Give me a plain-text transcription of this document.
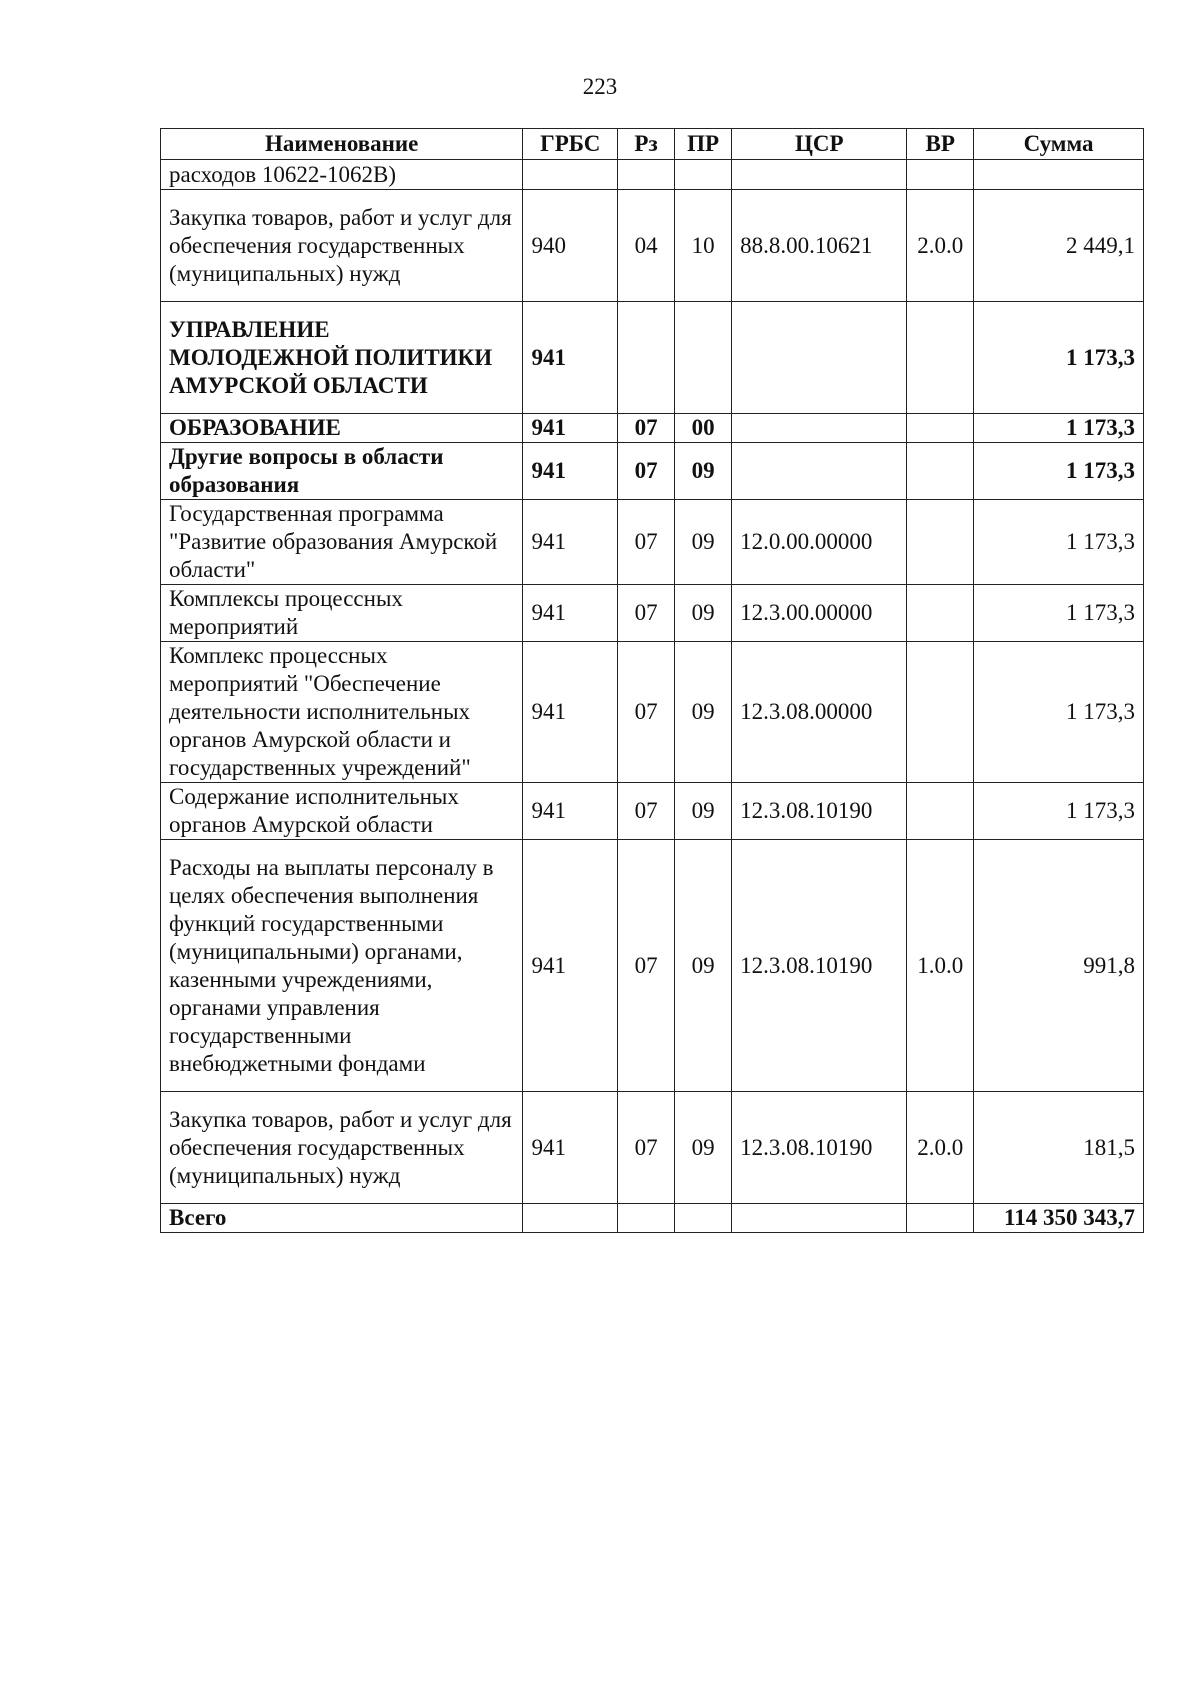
223
Наименование	ГРБС	Рз	ПР	ЦСР	ВР	Сумма
расходов 10622-1062В)						
Закупка товаров, работ и услуг для обеспечения государственных (муниципальных) нужд	940	04	10	88.8.00.10621	2.0.0	2 449,1
УПРАВЛЕНИЕ МОЛОДЕЖНОЙ ПОЛИТИКИ АМУРСКОЙ ОБЛАСТИ	941					1 173,3
ОБРАЗОВАНИЕ	941	07	00			1 173,3
Другие вопросы в области образования	941	07	09			1 173,3
Государственная программа "Развитие образования Амурской области"	941	07	09	12.0.00.00000		1 173,3
Комплексы процессных мероприятий	941	07	09	12.3.00.00000		1 173,3
Комплекс процессных мероприятий "Обеспечение деятельности исполнительных органов Амурской области и государственных учреждений"	941	07	09	12.3.08.00000		1 173,3
Содержание исполнительных органов Амурской области	941	07	09	12.3.08.10190		1 173,3
Расходы на выплаты персоналу в целях обеспечения выполнения функций государственными (муниципальными) органами, казенными учреждениями, органами управления государственными внебюджетными фондами	941	07	09	12.3.08.10190	1.0.0	991,8
Закупка товаров, работ и услуг для обеспечения государственных (муниципальных) нужд	941	07	09	12.3.08.10190	2.0.0	181,5
Всего						114 350 343,7
